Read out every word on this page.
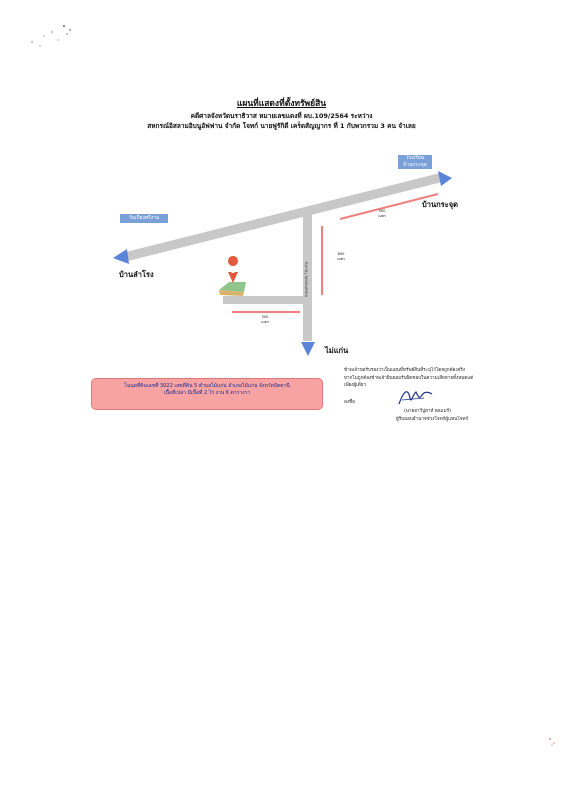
แผนที่แสดงที่ตั้งทรัพย์สิน
คดีศาลจังหวัดนราธิวาส หมายเลขแดงที่ ผบ.109/2564 ระหว่าง
สหกรณ์อิสลามอิบนูอัฟฟาน จำกัด โจทก์ นายฟูรักิดี เคร็ดสัญญากร ที่ 1 กับพวกรวม 3 คน จำเลย
โรงเรียน
บ้านกระจุด
วัดเกียงศรีงาม
บ้านกระจุด
บ้านลำโรง
ไม่แก่น
ถนนสายเม่น ไม่แก่น
500
เมตร
800
เมตร
500
เมตร
โฉนดที่ดินเลขที่ 3022 เลขที่ดิน 5 ตำบลไม้แก่น อำเภอไม้แก่น จังหวัดปัตตานี
เนื้อที่เปล่า มีเนื้อที่ 2 ไร่ งาน 6 ตารางวา
ข้าพเจ้าขอรับรองว่าเป็นแผนที่ทรัพย์สินที่ระบุไว้โดยถูกต้องจริง
หากไม่ถูกต้องข้าพเจ้ายินยอมรับผิดชอบในความเสียหายทั้งหมดแต่เพียงผู้เดียว
ลงชื่อ
(นายอาวีปูฮาห์ ดอแมร์)
ผู้รับมอบอำนาจช่วงโจทก์ผู้แทนโจทก์
